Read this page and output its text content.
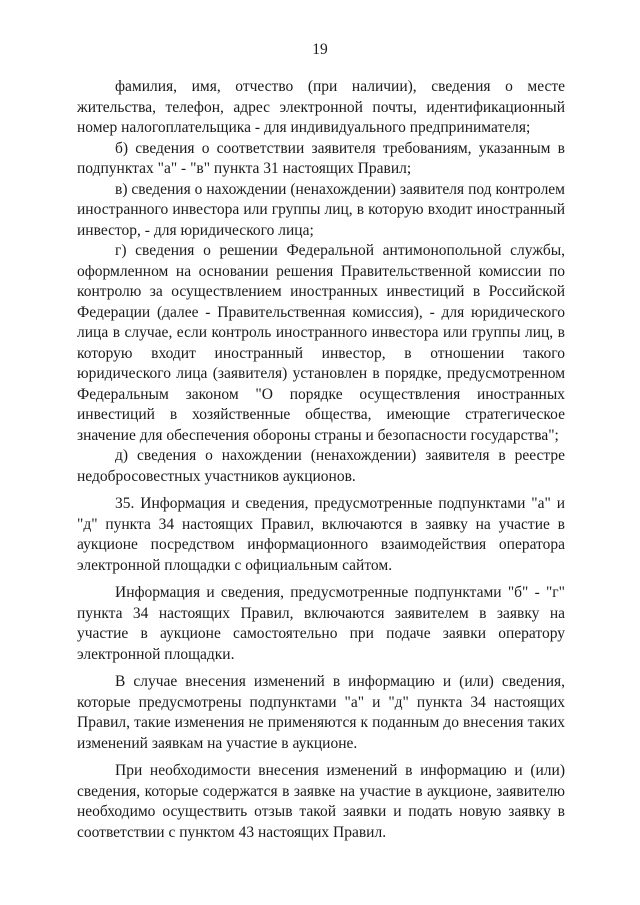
19

фамилия, имя, отчество (при наличии), сведения о месте жительства, телефон, адрес электронной почты, идентификационный номер налогоплательщика - для индивидуального предпринимателя;

б) сведения о соответствии заявителя требованиям, указанным в подпунктах "а" - "в" пункта 31 настоящих Правил;

в) сведения о нахождении (ненахождении) заявителя под контролем иностранного инвестора или группы лиц, в которую входит иностранный инвестор, - для юридического лица;

г) сведения о решении Федеральной антимонопольной службы, оформленном на основании решения Правительственной комиссии по контролю за осуществлением иностранных инвестиций в Российской Федерации (далее - Правительственная комиссия), - для юридического лица в случае, если контроль иностранного инвестора или группы лиц, в которую входит иностранный инвестор, в отношении такого юридического лица (заявителя) установлен в порядке, предусмотренном Федеральным законом "О порядке осуществления иностранных инвестиций в хозяйственные общества, имеющие стратегическое значение для обеспечения обороны страны и безопасности государства";

д) сведения о нахождении (ненахождении) заявителя в реестре недобросовестных участников аукционов.

35. Информация и сведения, предусмотренные подпунктами "а" и "д" пункта 34 настоящих Правил, включаются в заявку на участие в аукционе посредством информационного взаимодействия оператора электронной площадки с официальным сайтом.

Информация и сведения, предусмотренные подпунктами "б" - "г" пункта 34 настоящих Правил, включаются заявителем в заявку на участие в аукционе самостоятельно при подаче заявки оператору электронной площадки.

В случае внесения изменений в информацию и (или) сведения, которые предусмотрены подпунктами "а" и "д" пункта 34 настоящих Правил, такие изменения не применяются к поданным до внесения таких изменений заявкам на участие в аукционе.

При необходимости внесения изменений в информацию и (или) сведения, которые содержатся в заявке на участие в аукционе, заявителю необходимо осуществить отзыв такой заявки и подать новую заявку в соответствии с пунктом 43 настоящих Правил.
